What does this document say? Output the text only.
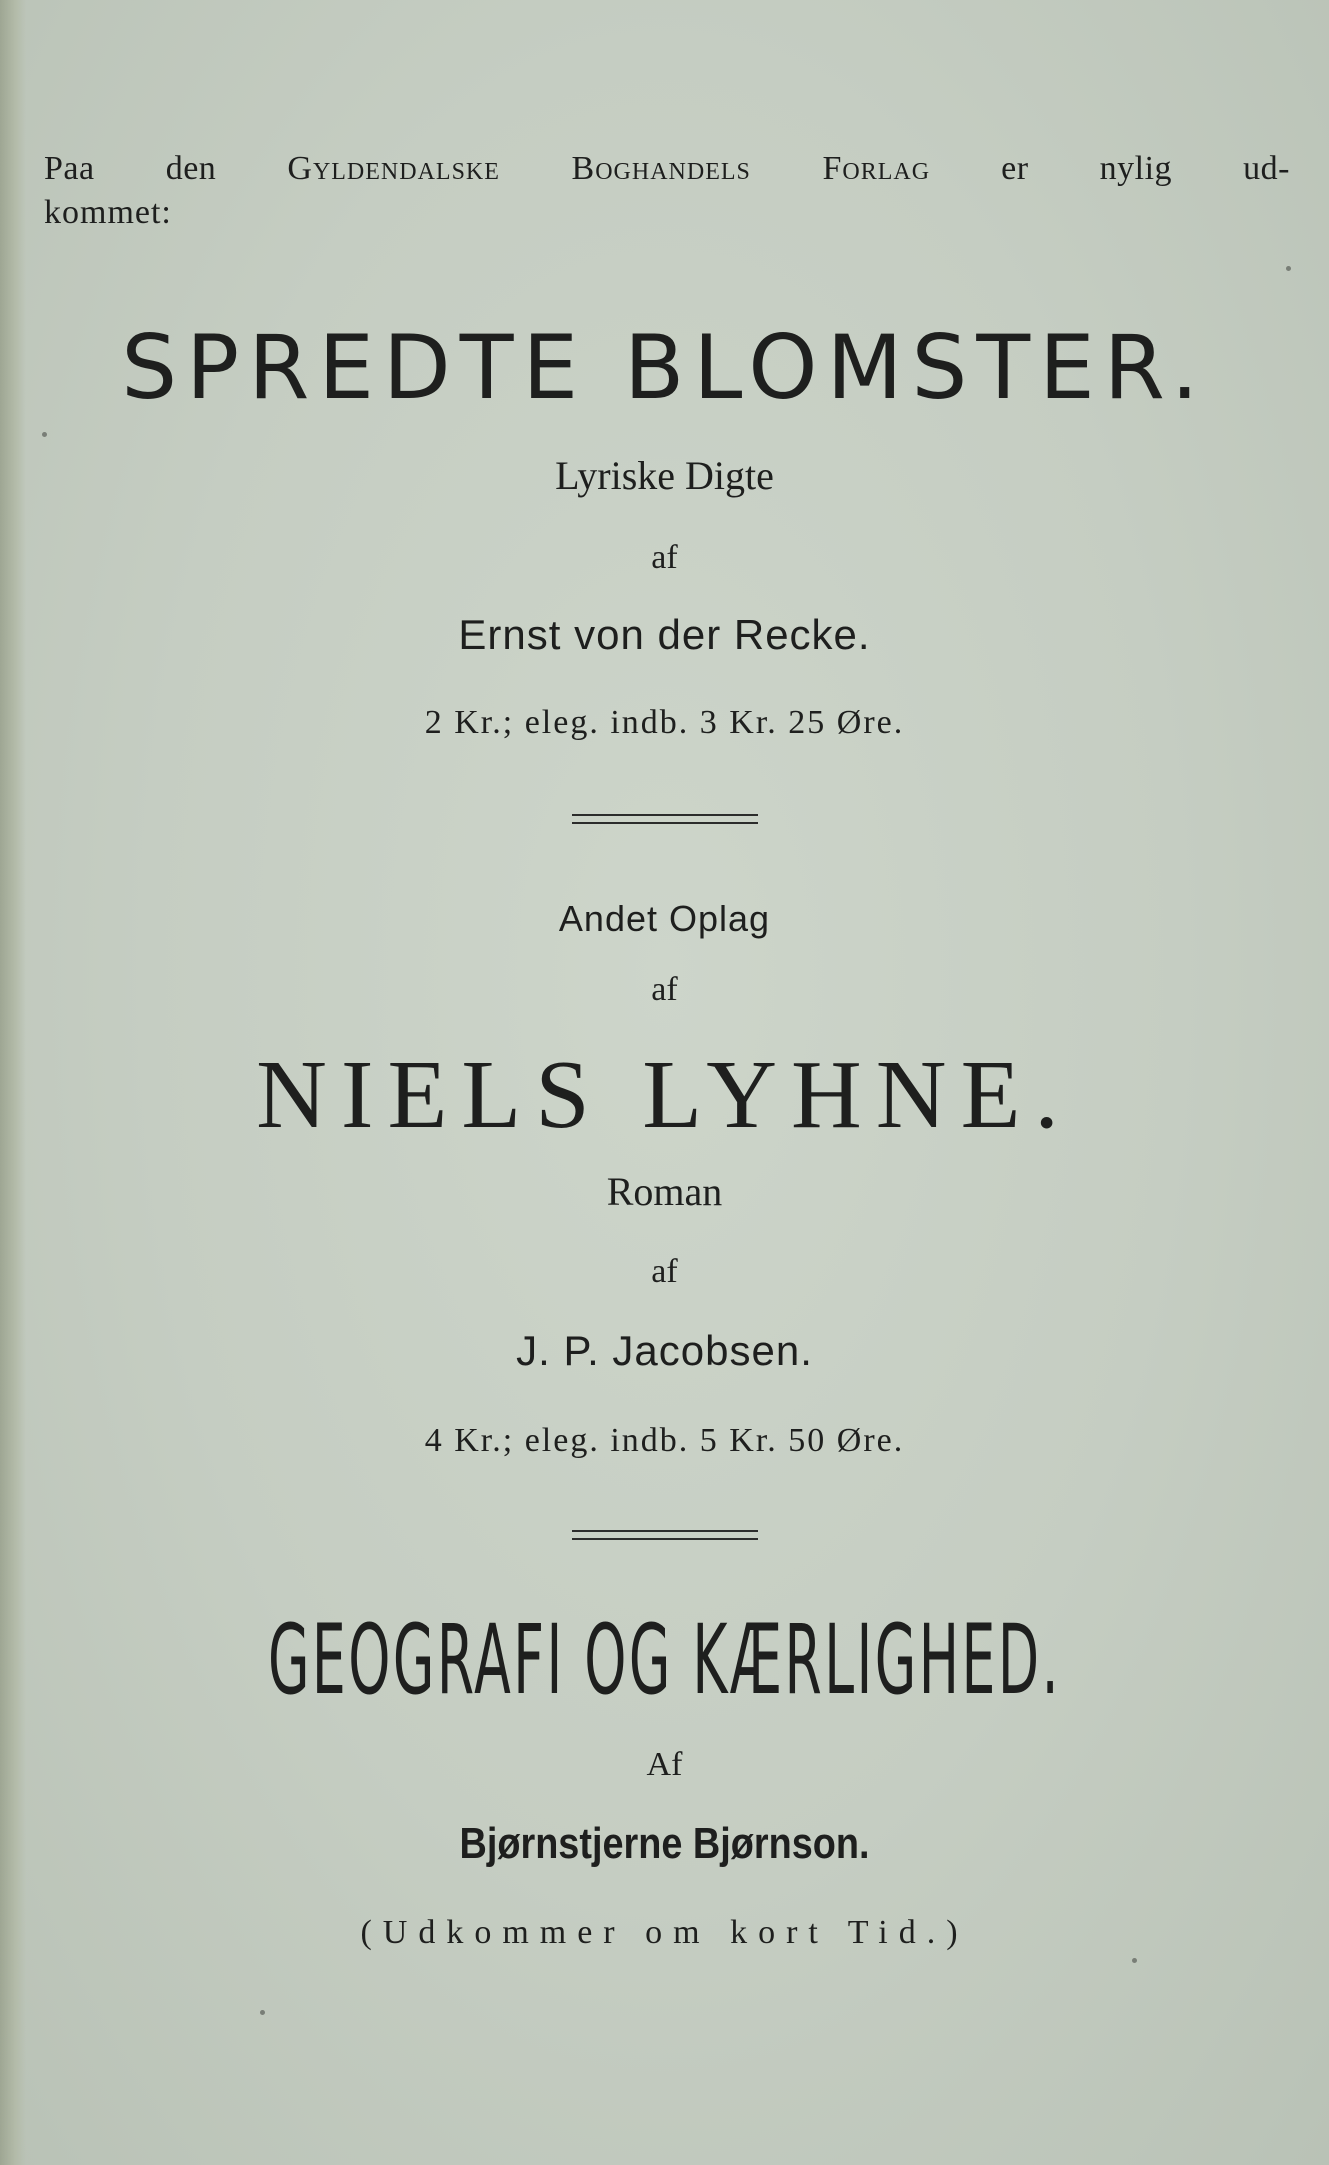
Paa den Gyldendalske Boghandels Forlag er nylig ud-
kommet:
SPREDTE BLOMSTER.
Lyriske Digte
af
Ernst von der Recke.
2 Kr.; eleg. indb. 3 Kr. 25 Øre.
Andet Oplag
af
NIELS LYHNE.
Roman
af
J. P. Jacobsen.
4 Kr.; eleg. indb. 5 Kr. 50 Øre.
GEOGRAFI OG KÆRLIGHED.
Af
Bjørnstjerne Bjørnson.
(Udkommer om kort Tid.)
